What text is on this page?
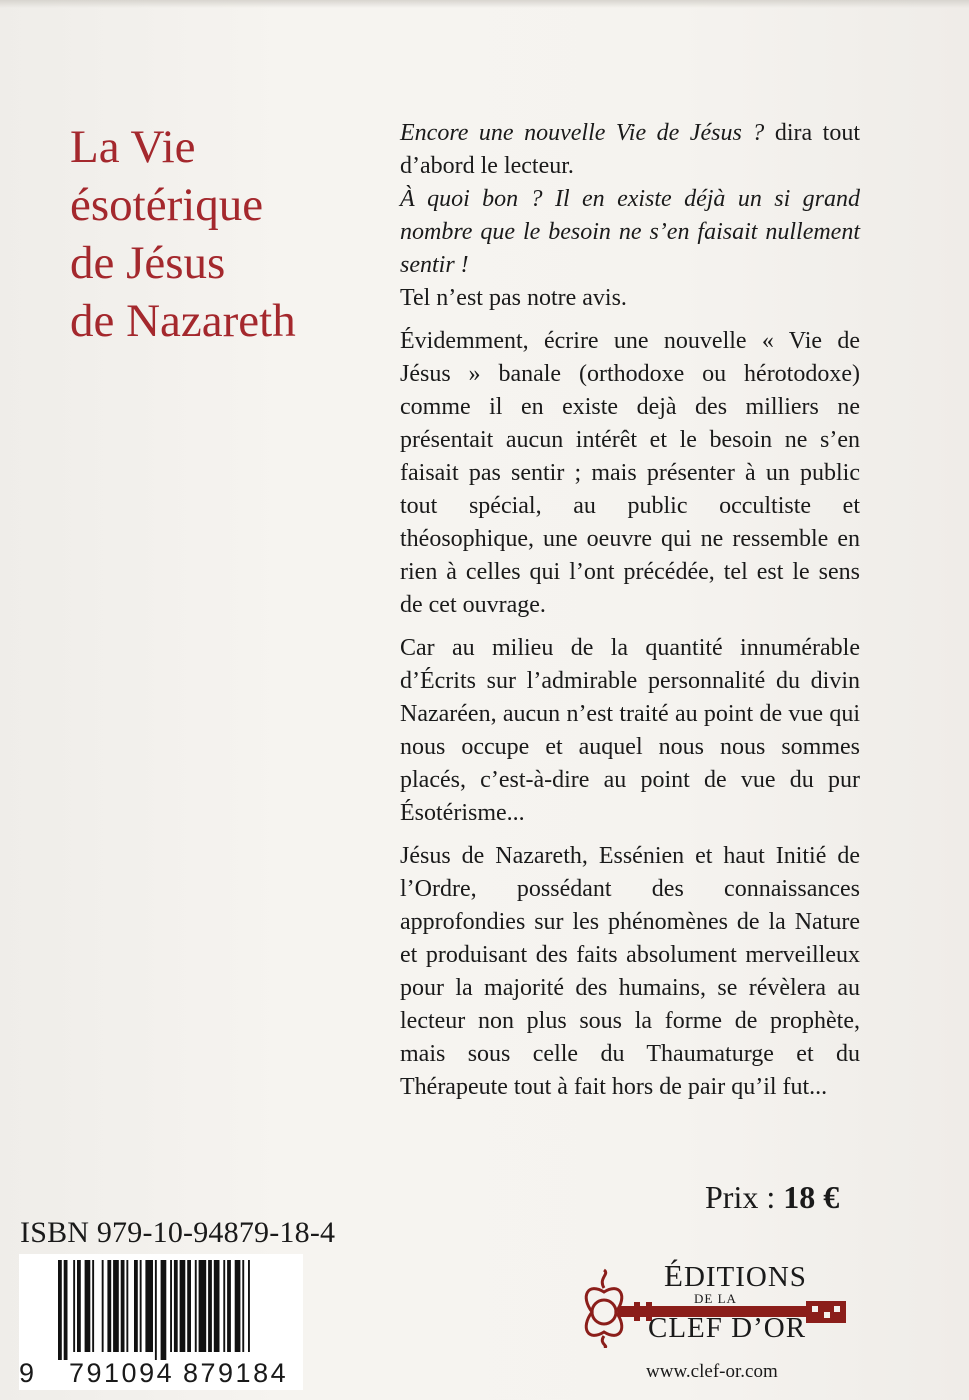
La Vie
ésotérique
de Jésus
de Nazareth

Encore une nouvelle Vie de Jésus ? dira tout d’abord le lecteur.

À quoi bon ? Il en existe déjà un si grand nombre que le besoin ne s’en faisait nullement sentir !

Tel n’est pas notre avis.

Évidemment, écrire une nouvelle « Vie de Jésus » banale (orthodoxe ou hérotodoxe) comme il en existe dejà des milliers ne présentait aucun intérêt et le besoin ne s’en faisait pas sentir ; mais présenter à un public tout spécial, au public occultiste et théosophique, une oeuvre qui ne ressemble en rien à celles qui l’ont précédée, tel est le sens de cet ouvrage.

Car au milieu de la quantité innumérable d’Écrits sur l’admirable personnalité du divin Nazaréen, aucun n’est traité au point de vue qui nous occupe et auquel nous nous sommes placés, c’est-à-dire au point de vue du pur Ésotérisme...

Jésus de Nazareth, Essénien et haut Initié de l’Ordre, possédant des connaissances approfondies sur les phénomènes de la Nature et produisant des faits absolument merveilleux pour la majorité des humains, se révèlera au lecteur non plus sous la forme de prophète, mais sous celle du Thaumaturge et du Thérapeute tout à fait hors de pair qu’il fut...

Prix : 18 €
ISBN 979-10-94879-18-4
9 791094 879184
ÉDITIONS
DE LA
CLEF D’OR
www.clef-or.com
